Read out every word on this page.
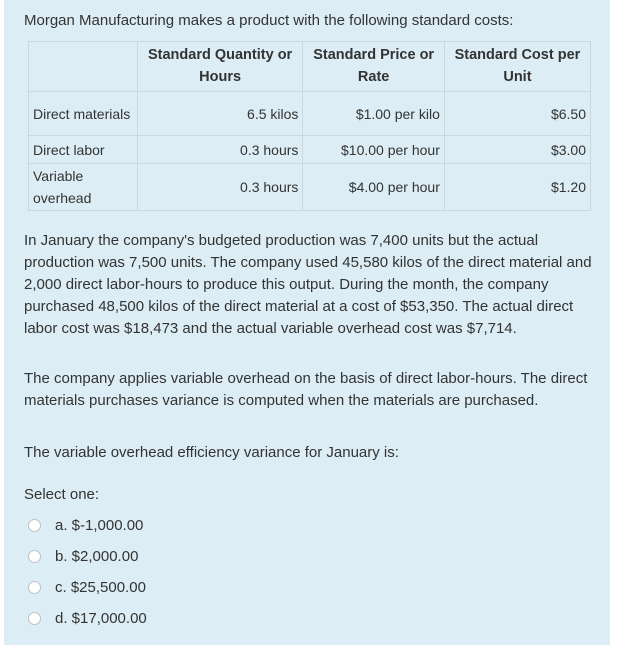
Morgan Manufacturing makes a product with the following standard costs:
	Standard Quantity or Hours	Standard Price or Rate	Standard Cost per Unit
Direct materials	6.5 kilos	$1.00 per kilo	$6.50
Direct labor	0.3 hours	$10.00 per hour	$3.00
Variable overhead	0.3 hours	$4.00 per hour	$1.20
In January the company's budgeted production was 7,400 units but the actual production was 7,500 units. The company used 45,580 kilos of the direct material and 2,000 direct labor-hours to produce this output. During the month, the company purchased 48,500 kilos of the direct material at a cost of $53,350. The actual direct labor cost was $18,473 and the actual variable overhead cost was $7,714.
The company applies variable overhead on the basis of direct labor-hours. The direct materials purchases variance is computed when the materials are purchased.
The variable overhead efficiency variance for January is:
Select one:
a. $-1,000.00
b. $2,000.00
c. $25,500.00
d. $17,000.00
